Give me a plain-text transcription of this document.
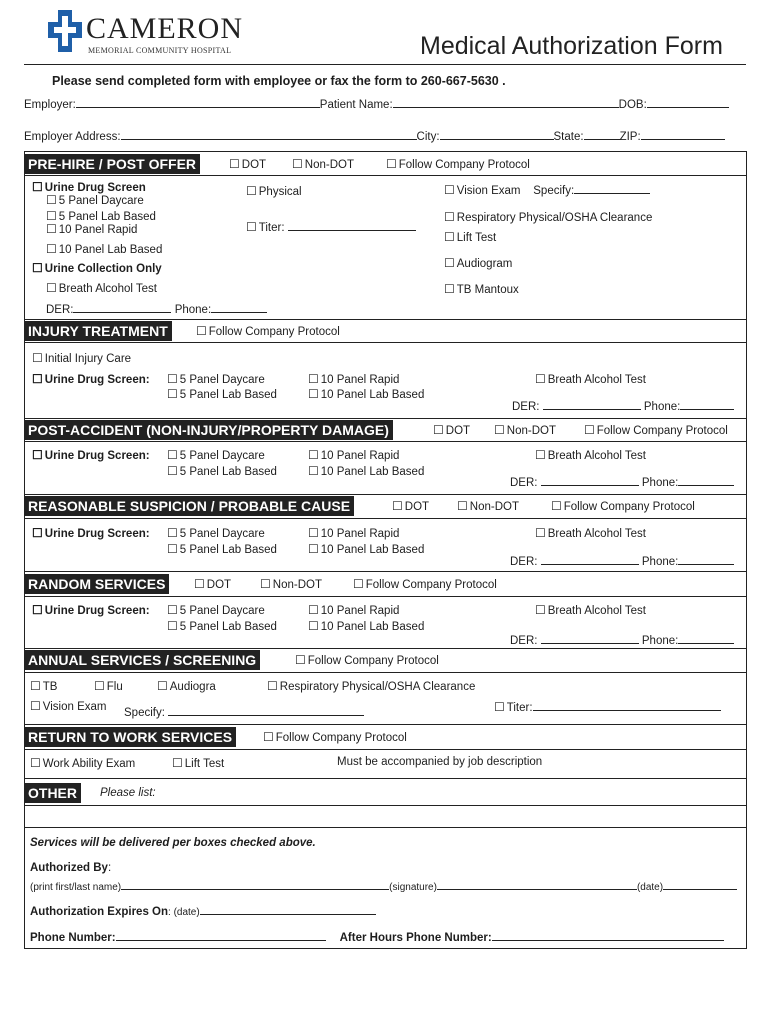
CAMERON
MEMORIAL COMMUNITY HOSPITAL	Medical Authorization Form
Please send completed form with employee or fax the form to 260-667-5630 .
Employer:	Patient Name:	DOB:
Employer Address:	City:	State:	ZIP:
PRE-HIRE / POST OFFER	☐ DOT	☐ Non-DOT	☐ Follow Company Protocol
☐ Urine Drug Screen
☐ 5 Panel Daycare
☐ 5 Panel Lab Based
☐ 10 Panel Rapid
☐ 10 Panel Lab Based
☐ Urine Collection Only
☐ Breath Alcohol Test
DER:	Phone:
☐ Physical
☐ Titer:
☐ Vision Exam Specify:
☐ Respiratory Physical/OSHA Clearance
☐ Lift Test
☐ Audiogram
☐ TB Mantoux
INJURY TREATMENT	☐ Follow Company Protocol
☐ Initial Injury Care
☐ Urine Drug Screen:	☐ 5 Panel Daycare
☐ 5 Panel Lab Based
☐ 10 Panel Rapid
☐ 10 Panel Lab Based
☐ Breath Alcohol Test
DER:	Phone:
POST-ACCIDENT (NON-INJURY/PROPERTY DAMAGE)	☐ DOT	☐ Non-DOT	☐ Follow Company Protocol
☐ Urine Drug Screen:	☐ 5 Panel Daycare
☐ 5 Panel Lab Based
☐ 10 Panel Rapid
☐ 10 Panel Lab Based
☐ Breath Alcohol Test
DER:	Phone:
REASONABLE SUSPICION / PROBABLE CAUSE	☐ DOT	☐ Non-DOT	☐ Follow Company Protocol
☐ Urine Drug Screen:	☐ 5 Panel Daycare
☐ 5 Panel Lab Based
☐ 10 Panel Rapid
☐ 10 Panel Lab Based
☐ Breath Alcohol Test
DER:	Phone:
RANDOM SERVICES	☐ DOT	☐ Non-DOT	☐ Follow Company Protocol
☐ Urine Drug Screen:	☐ 5 Panel Daycare
☐ 5 Panel Lab Based
☐ 10 Panel Rapid
☐ 10 Panel Lab Based
☐ Breath Alcohol Test
DER:	Phone:
ANNUAL SERVICES / SCREENING	☐ Follow Company Protocol
☐ TB	☐ Flu	☐ Audiogra	☐ Respiratory Physical/OSHA Clearance
☐ Vision Exam Specify:	☐ Titer:
RETURN TO WORK SERVICES	☐ Follow Company Protocol
☐ Work Ability Exam	☐ Lift Test	Must be accompanied by job description
OTHER	Please list:
Services will be delivered per boxes checked above.
Authorized By:
(print first/last name)	(signature)	(date)
Authorization Expires On: (date)
Phone Number:	After Hours Phone Number:
